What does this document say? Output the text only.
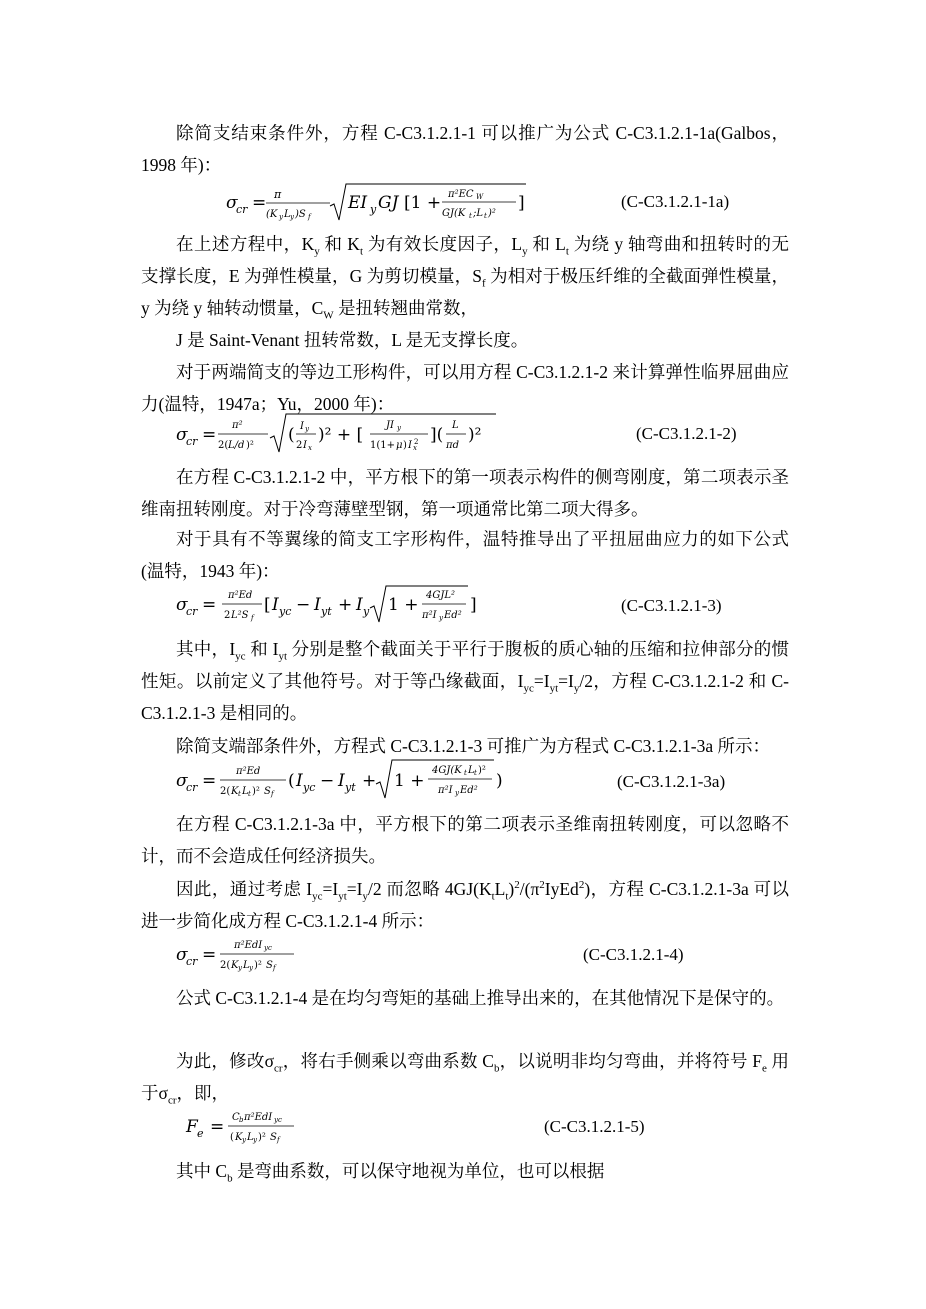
除简支结束条件外，方程 C-C3.1.2.1-1 可以推广为公式 C-C3.1.2.1-1a(Galbos，1998 年)：

σ
cr = π
(K y L y )S f
EI y GJ [1 + π²EC W
GJ(K t ;L t )²
]	(C-C3.1.2.1-1a)

在上述方程中，$K_y$ 和 $K_t$ 为有效长度因子，$L_y$ 和 $L_t$ 为绕 y 轴弯曲和扭转时的无支撑长度，E 为弹性模量，G 为剪切模量，$S_f$ 为相对于极压纤维的全截面弹性模量，y 为绕 y 轴转动惯量，$C_W$ 是扭转翘曲常数，

J 是 Saint-Venant 扭转常数，L 是无支撑长度。

对于两端简支的等边工形构件，可以用方程 C-C3.1.2.1-2 来计算弹性临界屈曲应力(温特，1947a；Yu，2000 年)：

σ
cr = π²
2( L/d )²
( I y
2 I x
)² + [ JI y
1(1+ μ ) I x
2 ]( L
πd
)²	(C-C3.1.2.1-2)

在方程 C-C3.1.2.1-2 中，平方根下的第一项表示构件的侧弯刚度，第二项表示圣维南扭转刚度。对于冷弯薄壁型钢，第一项通常比第二项大得多。

对于具有不等翼缘的简支工字形构件，温特推导出了平扭屈曲应力的如下公式(温特，1943 年)：

σ
cr = π²Ed
2 L²S f
[ I yc − I yt + I y 1 + 4GJL²
π²I y Ed²
]	(C-C3.1.2.1-3)

其中，$I_{yc}$ 和 $I_{yt}$ 分别是整个截面关于平行于腹板的质心轴的压缩和拉伸部分的惯性矩。以前定义了其他符号。对于等凸缘截面，$I_{yc}=I_{yt}=I_y/2$，方程 C-C3.1.2.1-2 和 C-C3.1.2.1-3 是相同的。

除简支端部条件外，方程式 C-C3.1.2.1-3 可推广为方程式 C-C3.1.2.1-3a 所示：

σ
cr = π²Ed
2( K t L t )² S f
( I yc − I yt + 1 +
4GJ(K t L t )²
π²I y Ed² )	(C-C3.1.2.1-3a)

在方程 C-C3.1.2.1-3a 中，平方根下的第二项表示圣维南扭转刚度，可以忽略不计，而不会造成任何经济损失。

因此，通过考虑 $I_{yc}=I_{yt}=I_y/2$ 而忽略 $4GJ(K_tL_t)^2/(\pi^2IyEd^2)$，方程 C-C3.1.2.1-3a 可以进一步简化成方程 C-C3.1.2.1-4 所示：

σ
cr = π²EdI yc
2( K y L y )² S f
(C-C3.1.2.1-4)

公式 C-C3.1.2.1-4 是在均匀弯矩的基础上推导出来的，在其他情况下是保守的。

为此，修改$\sigma_{cr}$，将右手侧乘以弯曲系数 $C_b$，以说明非均匀弯曲，并将符号 $F_e$ 用于$\sigma_{cr}$，即，

F e = C b π²EdI yc
( K y L y )² S f
(C-C3.1.2.1-5)

其中 $C_b$ 是弯曲系数，可以保守地视为单位，也可以根据
